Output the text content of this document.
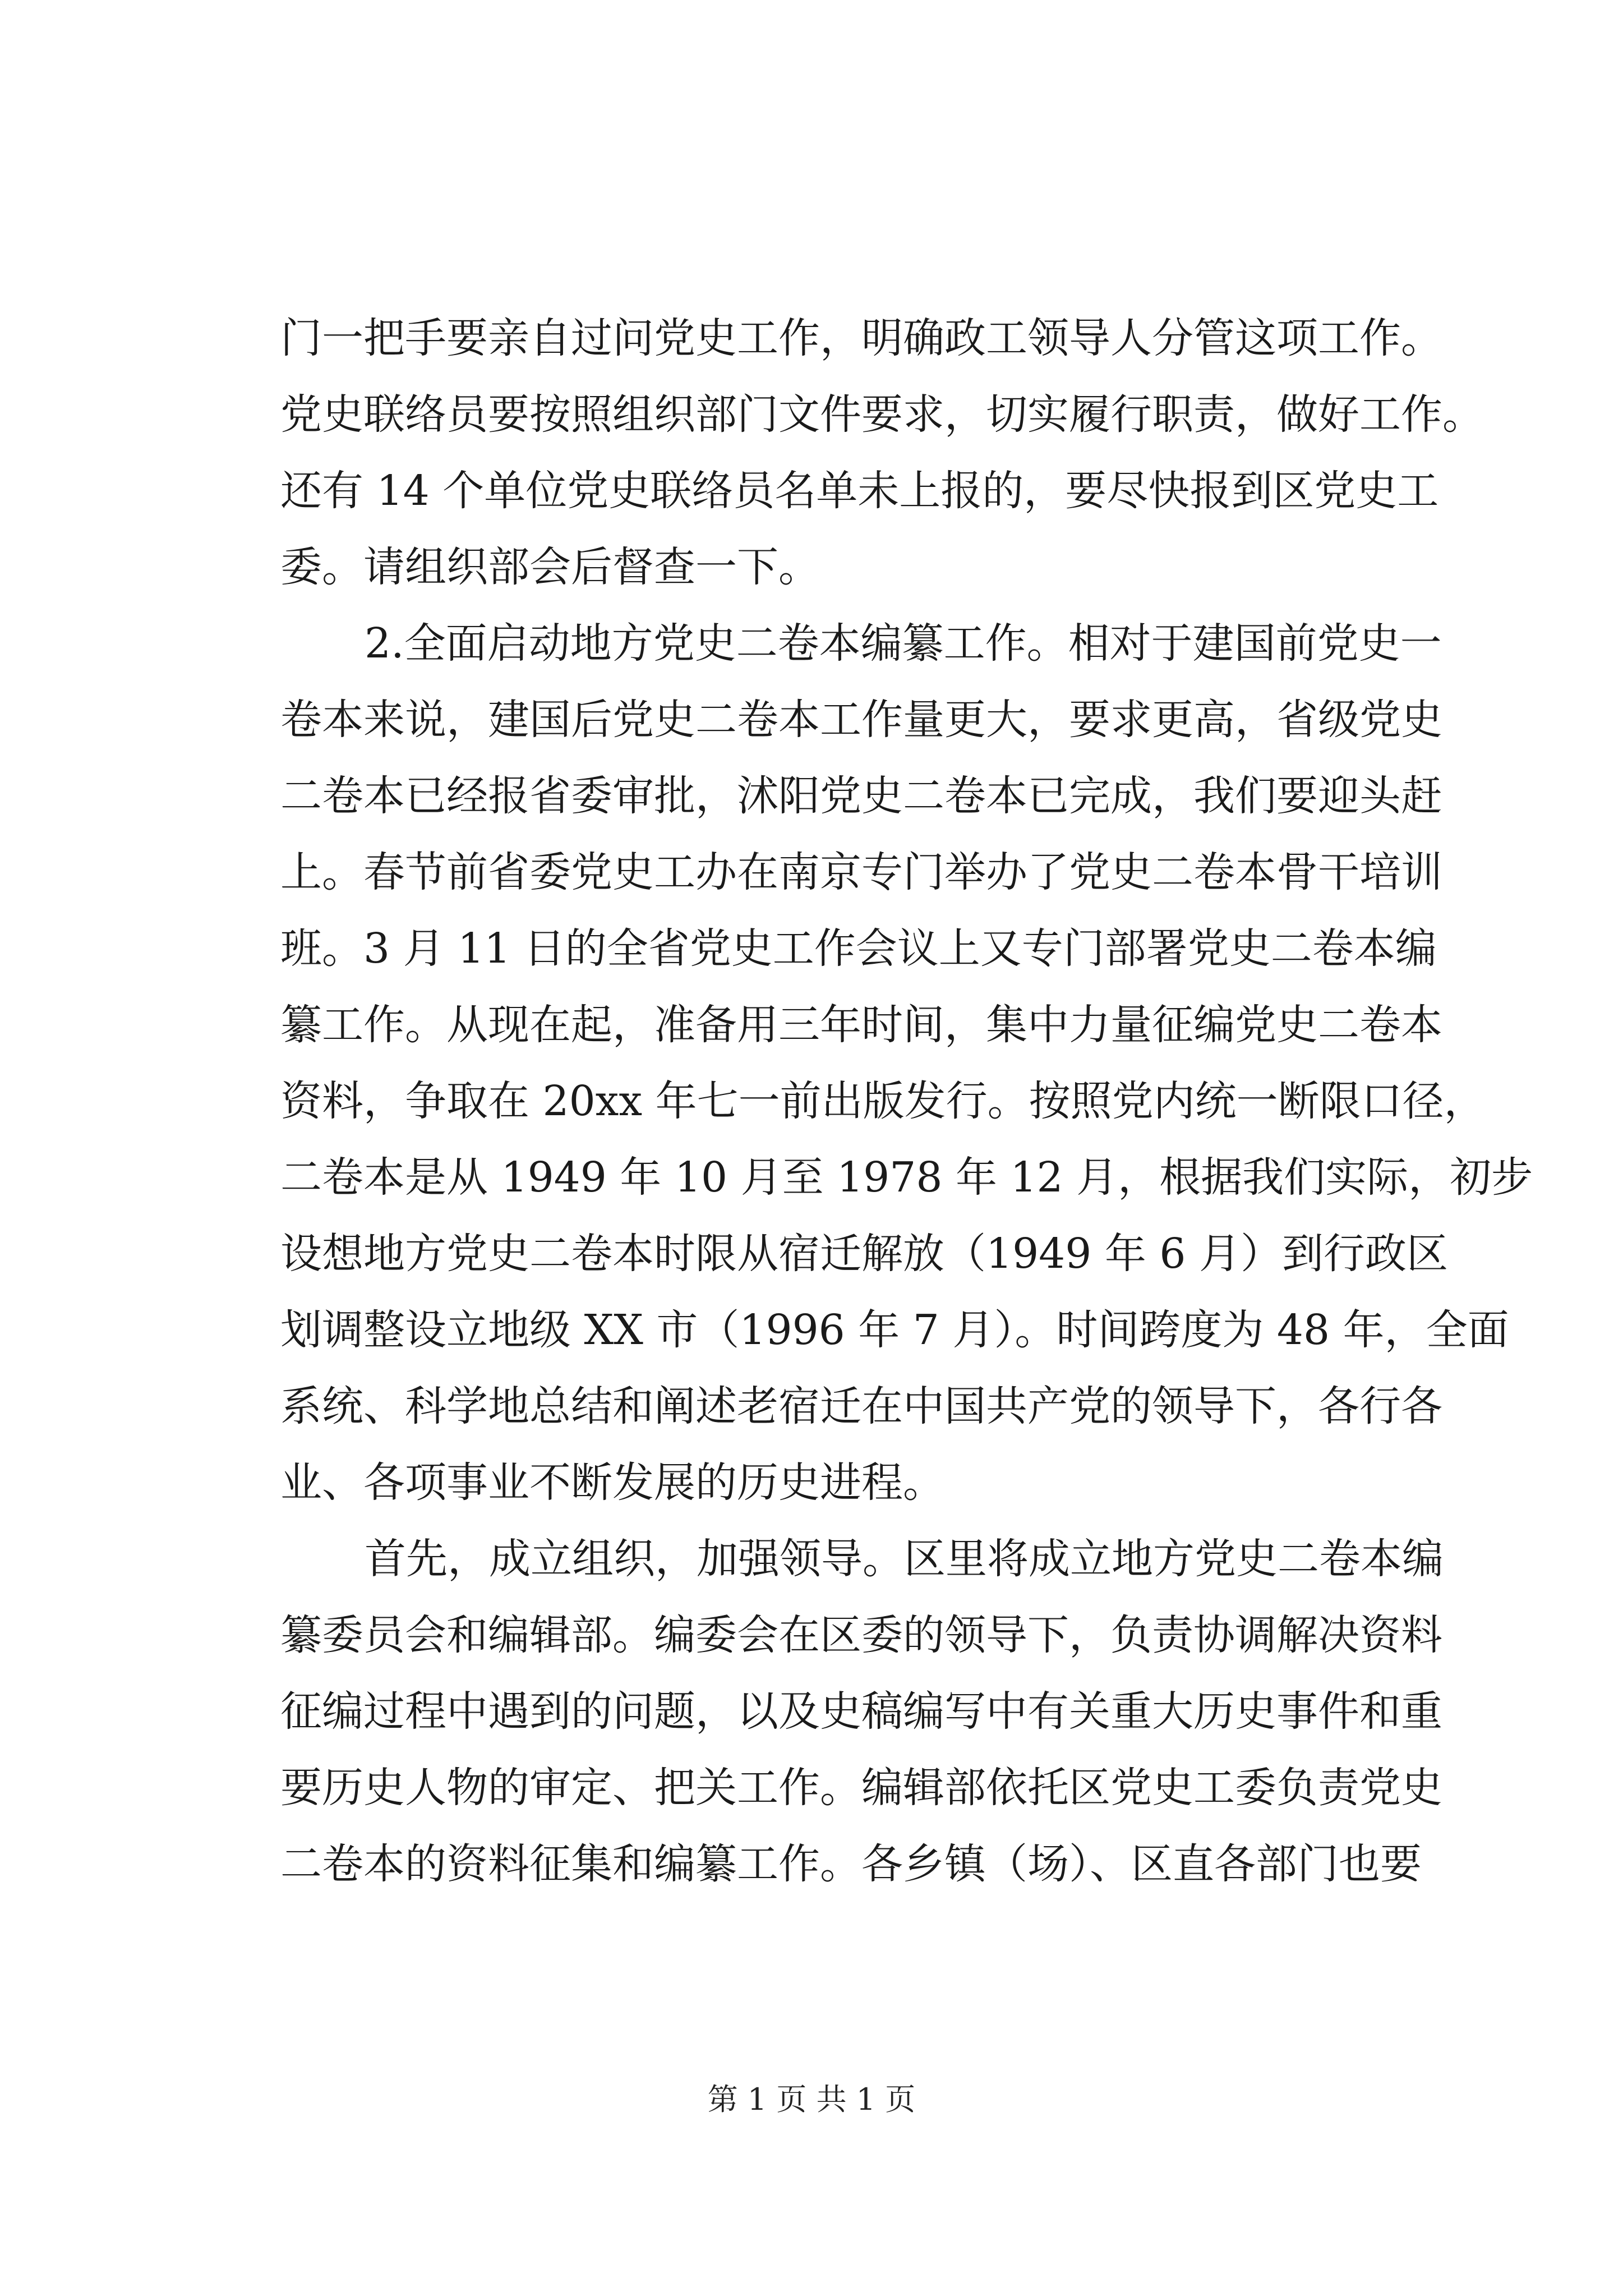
门一把手要亲自过问党史工作，明确政工领导人分管这项工作。
党史联络员要按照组织部门文件要求，切实履行职责，做好工作。
还有 14 个单位党史联络员名单未上报的，要尽快报到区党史工
委。请组织部会后督查一下。
2.全面启动地方党史二卷本编纂工作。相对于建国前党史一
卷本来说，建国后党史二卷本工作量更大，要求更高，省级党史
二卷本已经报省委审批，沭阳党史二卷本已完成，我们要迎头赶
上。春节前省委党史工办在南京专门举办了党史二卷本骨干培训
班。3 月 11 日的全省党史工作会议上又专门部署党史二卷本编
纂工作。从现在起，准备用三年时间，集中力量征编党史二卷本
资料，争取在 20xx 年七一前出版发行。按照党内统一断限口径，
二卷本是从 1949 年 10 月至 1978 年 12 月，根据我们实际，初步
设想地方党史二卷本时限从宿迁解放（1949 年 6 月）到行政区
划调整设立地级 XX 市（1996 年 7 月）。时间跨度为 48 年，全面
系统、科学地总结和阐述老宿迁在中国共产党的领导下，各行各
业、各项事业不断发展的历史进程。
首先，成立组织，加强领导。区里将成立地方党史二卷本编
纂委员会和编辑部。编委会在区委的领导下，负责协调解决资料
征编过程中遇到的问题，以及史稿编写中有关重大历史事件和重
要历史人物的审定、把关工作。编辑部依托区党史工委负责党史
二卷本的资料征集和编纂工作。各乡镇（场）、区直各部门也要
第 1 页 共 1 页
